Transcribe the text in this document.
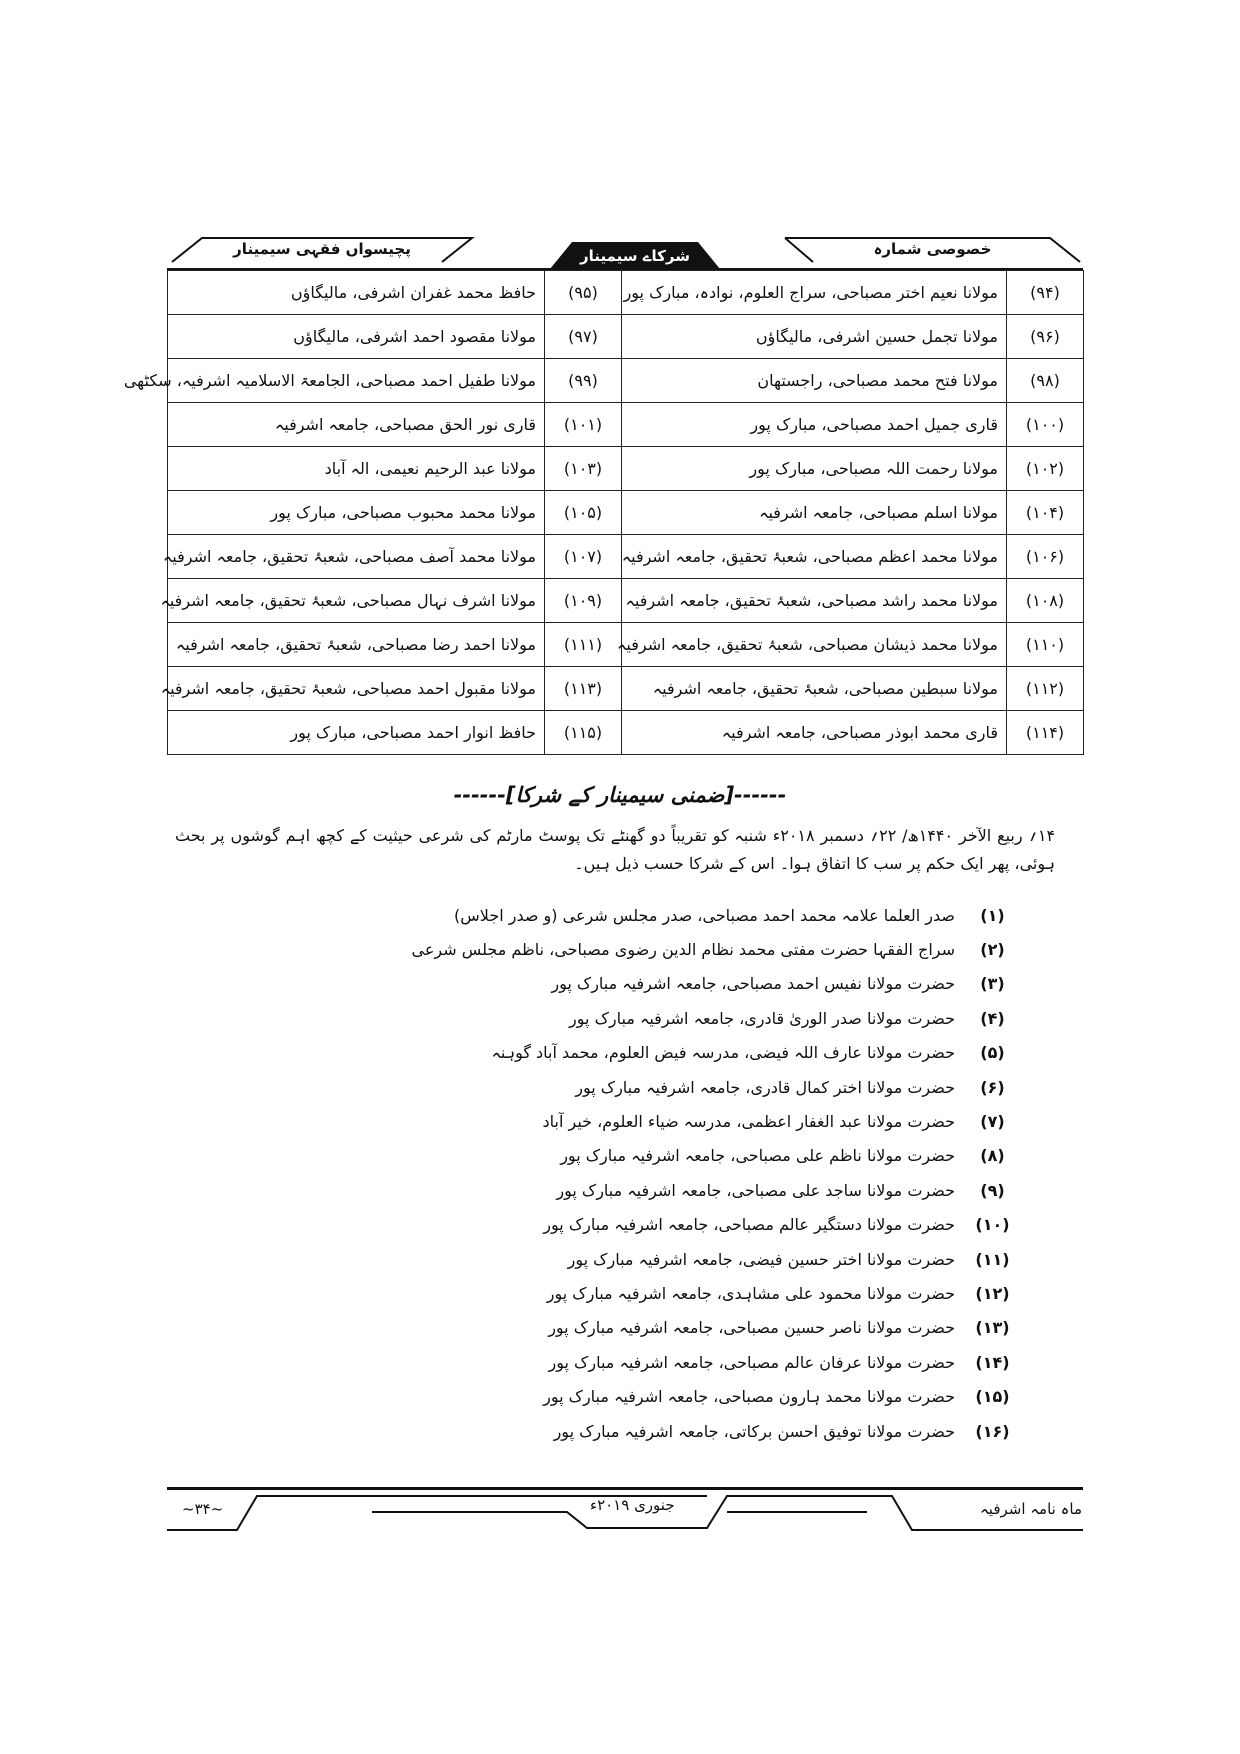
پچیسواں فقہی سیمینار	شرکاے سیمینار	خصوصی شمارہ
(۹۴)	مولانا نعیم اختر مصباحی، سراج العلوم، نوادہ، مبارک پور	(۹۵)	حافظ محمد غفران اشرفی، مالیگاؤں
(۹۶)	مولانا تجمل حسین اشرفی، مالیگاؤں	(۹۷)	مولانا مقصود احمد اشرفی، مالیگاؤں
(۹۸)	مولانا فتح محمد مصباحی، راجستھان	(۹۹)	مولانا طفیل احمد مصباحی، الجامعۃ الاسلامیہ اشرفیہ، سکٹھی
(۱۰۰)	قاری جمیل احمد مصباحی، مبارک پور	(۱۰۱)	قاری نور الحق مصباحی، جامعہ اشرفیہ
(۱۰۲)	مولانا رحمت اللہ مصباحی، مبارک پور	(۱۰۳)	مولانا عبد الرحیم نعیمی، الہ آباد
(۱۰۴)	مولانا اسلم مصباحی، جامعہ اشرفیہ	(۱۰۵)	مولانا محمد محبوب مصباحی، مبارک پور
(۱۰۶)	مولانا محمد اعظم مصباحی، شعبۂ تحقیق، جامعہ اشرفیہ	(۱۰۷)	مولانا محمد آصف مصباحی، شعبۂ تحقیق، جامعہ اشرفیہ
(۱۰۸)	مولانا محمد راشد مصباحی، شعبۂ تحقیق، جامعہ اشرفیہ	(۱۰۹)	مولانا اشرف نہال مصباحی، شعبۂ تحقیق، جامعہ اشرفیہ
(۱۱۰)	مولانا محمد ذیشان مصباحی، شعبۂ تحقیق، جامعہ اشرفیہ	(۱۱۱)	مولانا احمد رضا مصباحی، شعبۂ تحقیق، جامعہ اشرفیہ
(۱۱۲)	مولانا سبطین مصباحی، شعبۂ تحقیق، جامعہ اشرفیہ	(۱۱۳)	مولانا مقبول احمد مصباحی، شعبۂ تحقیق، جامعہ اشرفیہ
(۱۱۴)	قاری محمد ابوذر مصباحی، جامعہ اشرفیہ	(۱۱۵)	حافظ انوار احمد مصباحی، مبارک پور
------[ضمنی سیمینار کے شرکا]------
۱۴؍ ربیع الآخر ۱۴۴۰ھ/ ۲۲؍ دسمبر ۲۰۱۸ء شنبہ کو تقریباً دو گھنٹے تک پوسٹ مارٹم کی شرعی حیثیت کے کچھ اہم گوشوں پر بحث ہوئی، پھر ایک حکم پر سب کا اتفاق ہوا۔ اس کے شرکا حسب ذیل ہیں۔
(۱)
صدر العلما علامہ محمد احمد مصباحی، صدر مجلس شرعی (و صدر اجلاس)
(۲)
سراج الفقہا حضرت مفتی محمد نظام الدین رضوی مصباحی، ناظم مجلس شرعی
(۳)
حضرت مولانا نفیس احمد مصباحی، جامعہ اشرفیہ مبارک پور
(۴)
حضرت مولانا صدر الوریٰ قادری، جامعہ اشرفیہ مبارک پور
(۵)
حضرت مولانا عارف اللہ فیضی، مدرسہ فیض العلوم، محمد آباد گوہنہ
(۶)
حضرت مولانا اختر کمال قادری، جامعہ اشرفیہ مبارک پور
(۷)
حضرت مولانا عبد الغفار اعظمی، مدرسہ ضیاء العلوم، خیر آباد
(۸)
حضرت مولانا ناظم علی مصباحی، جامعہ اشرفیہ مبارک پور
(۹)
حضرت مولانا ساجد علی مصباحی، جامعہ اشرفیہ مبارک پور
(۱۰)
حضرت مولانا دستگیر عالم مصباحی، جامعہ اشرفیہ مبارک پور
(۱۱)
حضرت مولانا اختر حسین فیضی، جامعہ اشرفیہ مبارک پور
(۱۲)
حضرت مولانا محمود علی مشاہدی، جامعہ اشرفیہ مبارک پور
(۱۳)
حضرت مولانا ناصر حسین مصباحی، جامعہ اشرفیہ مبارک پور
(۱۴)
حضرت مولانا عرفان عالم مصباحی، جامعہ اشرفیہ مبارک پور
(۱۵)
حضرت مولانا محمد ہارون مصباحی، جامعہ اشرفیہ مبارک پور
(۱۶)
حضرت مولانا توفیق احسن برکاتی، جامعہ اشرفیہ مبارک پور
ماہ نامہ اشرفیہ
جنوری ۲۰۱۹ء
~۳۴~
